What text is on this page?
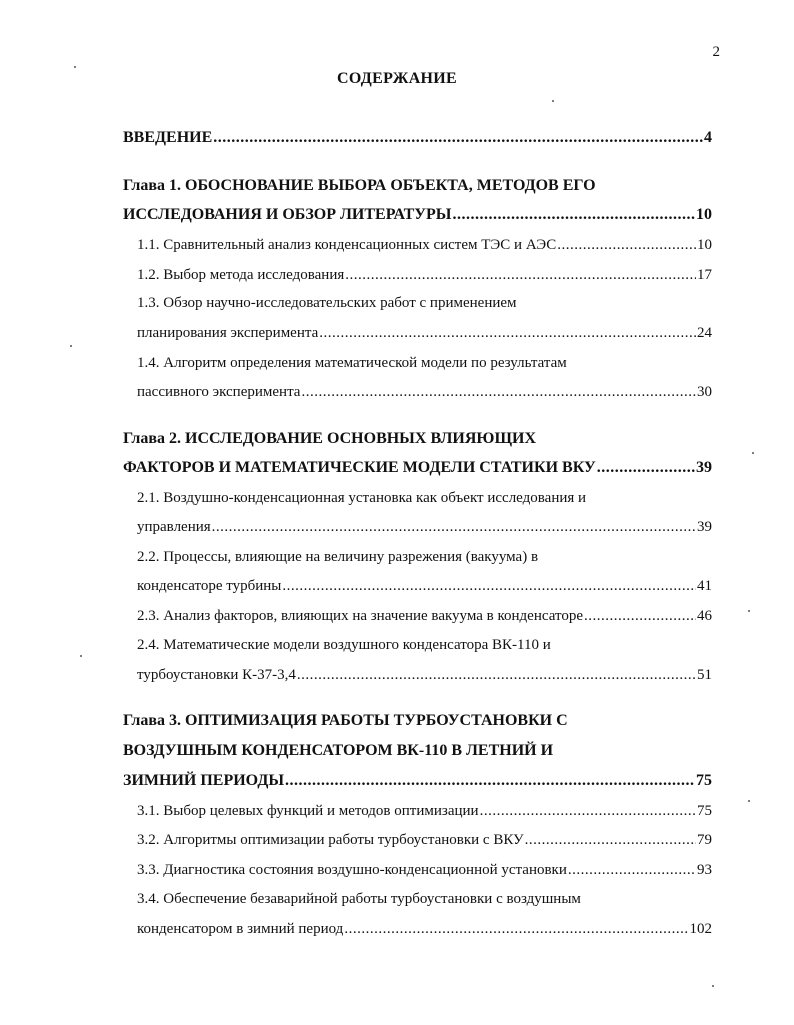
2
СОДЕРЖАНИЕ
ВВЕДЕНИЕ .....	4
Глава 1. ОБОСНОВАНИЕ ВЫБОРА ОБЪЕКТА, МЕТОДОВ ЕГО
ИССЛЕДОВАНИЯ И ОБЗОР ЛИТЕРАТУРЫ .....	10
1.1. Сравнительный анализ конденсационных систем ТЭС и АЭС .....	10
1.2. Выбор метода исследования .....	17
1.3. Обзор научно-исследовательских работ с применением
планирования эксперимента .....	24
1.4. Алгоритм определения математической модели по результатам
пассивного эксперимента .....	30
Глава 2. ИССЛЕДОВАНИЕ ОСНОВНЫХ ВЛИЯЮЩИХ
ФАКТОРОВ И МАТЕМАТИЧЕСКИЕ МОДЕЛИ СТАТИКИ ВКУ .....	39
2.1. Воздушно-конденсационная установка как объект исследования и
управления .....	39
2.2. Процессы, влияющие на величину разрежения (вакуума) в
конденсаторе турбины .....	41
2.3. Анализ факторов, влияющих на значение вакуума в конденсаторе .....	46
2.4. Математические модели воздушного конденсатора ВК-110 и
турбоустановки К-37-3,4 .....	51
Глава 3. ОПТИМИЗАЦИЯ РАБОТЫ ТУРБОУСТАНОВКИ С
ВОЗДУШНЫМ КОНДЕНСАТОРОМ ВК-110 В ЛЕТНИЙ И
ЗИМНИЙ ПЕРИОДЫ .....	75
3.1. Выбор целевых функций и методов оптимизации .....	75
3.2. Алгоритмы оптимизации работы турбоустановки с ВКУ .....	79
3.3. Диагностика состояния воздушно-конденсационной установки .....	93
3.4. Обеспечение безаварийной работы турбоустановки с воздушным
конденсатором в зимний период .....	102
